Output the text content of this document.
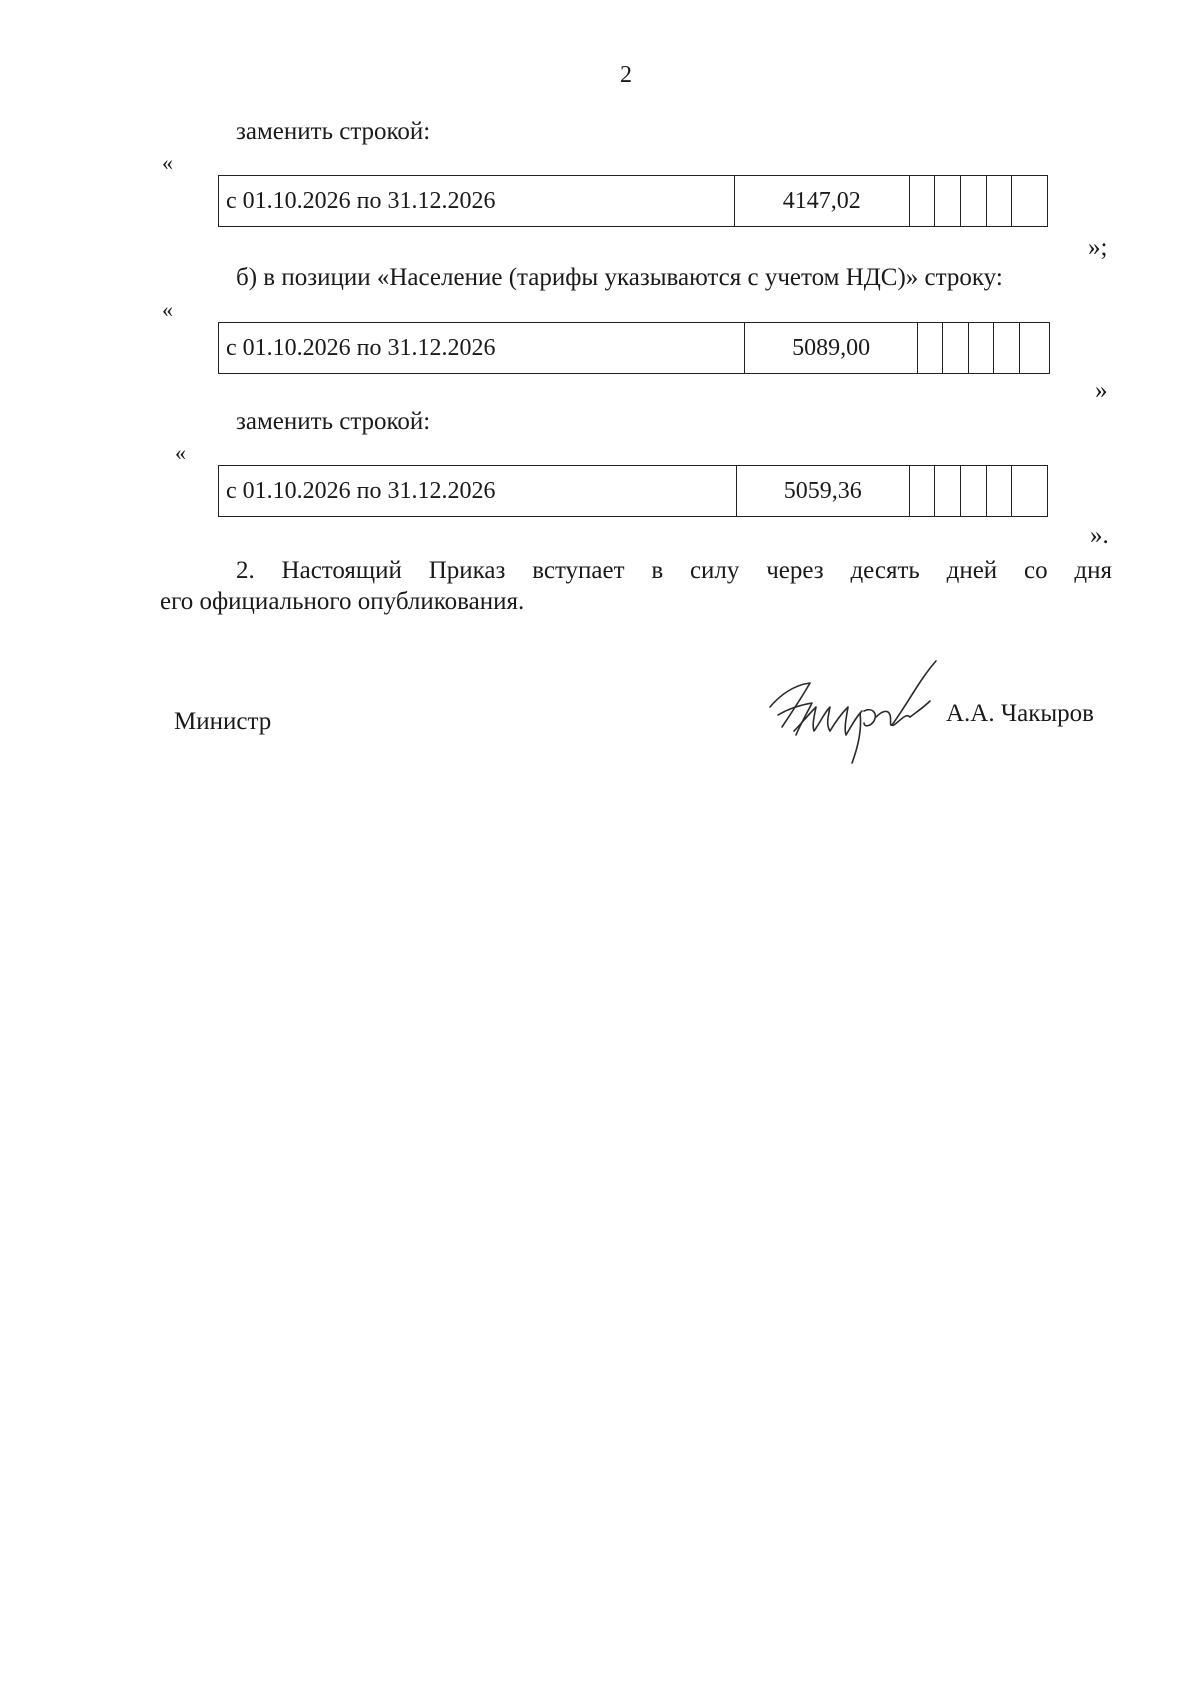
2
заменить строкой:
«
с 01.10.2026 по 31.12.2026	4147,02					
»;
б) в позиции «Население (тарифы указываются с учетом НДС)» строку:
«
с 01.10.2026 по 31.12.2026	5089,00					
»
заменить строкой:
«
с 01.10.2026 по 31.12.2026	5059,36					
».
2. Настоящий Приказ вступает в силу через десять дней со дня
его официального опубликования.
Министр	А.А. Чакыров
